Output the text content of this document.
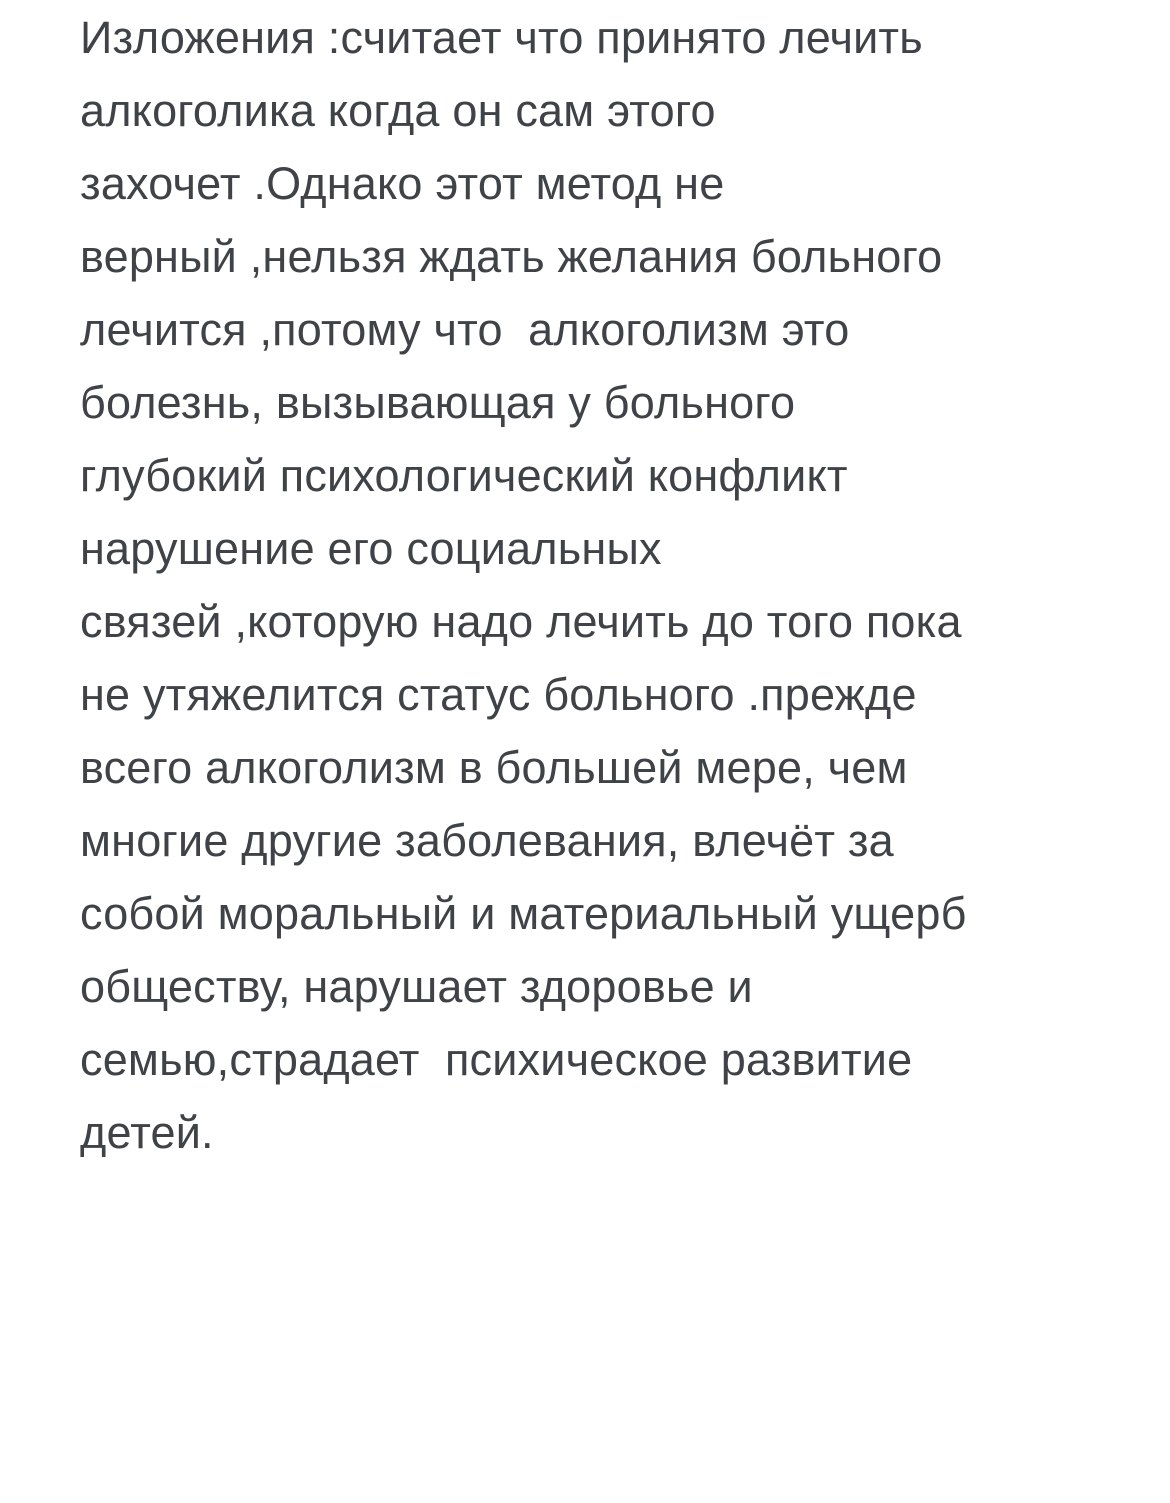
Изложения :считает что принято лечить
алкоголика когда он сам этого
захочет .Однако этот метод не
верный ,нельзя ждать желания больного
лечится ,потому что  алкоголизм это
болезнь, вызывающая у больного
глубокий психологический конфликт
нарушение его социальных
связей ,которую надо лечить до того пока
не утяжелится статус больного .прежде
всего алкоголизм в большей мере, чем
многие другие заболевания, влечёт за
собой моральный и материальный ущерб
обществу, нарушает здоровье и
семью,страдает  психическое развитие
детей.
